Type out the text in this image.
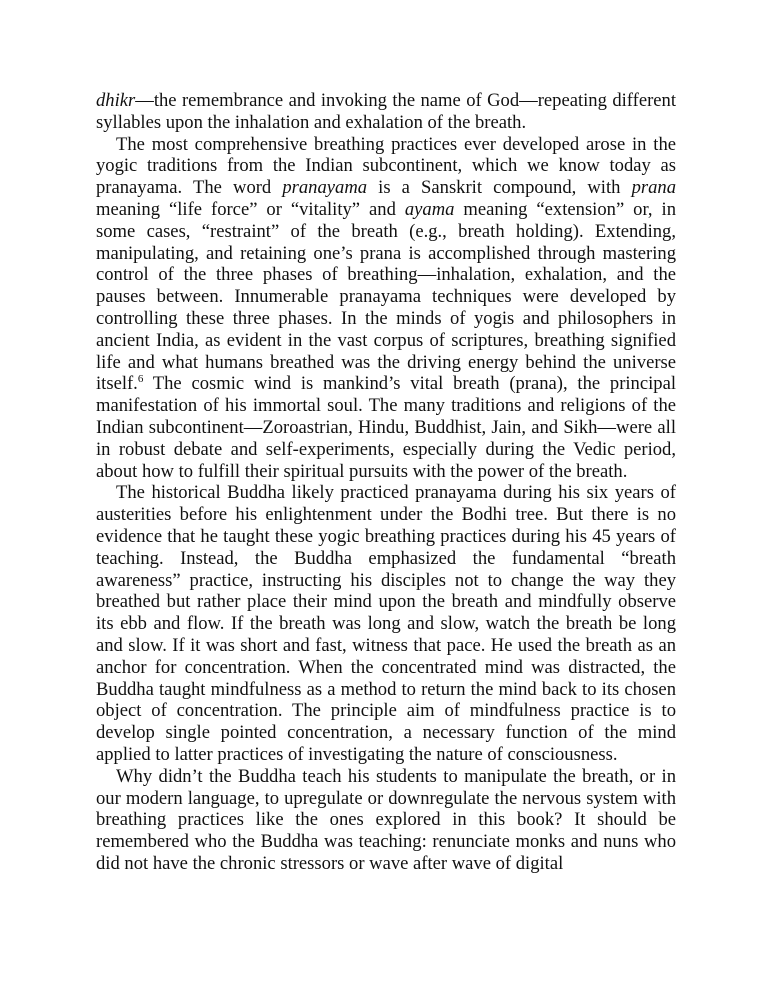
dhikr—the remembrance and invoking the name of God—repeating different syllables upon the inhalation and exhalation of the breath.

The most comprehensive breathing practices ever developed arose in the yogic traditions from the Indian subcontinent, which we know today as pranayama. The word pranayama is a Sanskrit compound, with prana meaning “life force” or “vitality” and ayama meaning “extension” or, in some cases, “restraint” of the breath (e.g., breath holding). Extending, manipulating, and retaining one’s prana is accomplished through mastering control of the three phases of breathing—inhalation, exhalation, and the pauses between. Innumerable pranayama techniques were developed by controlling these three phases. In the minds of yogis and philosophers in ancient India, as evident in the vast corpus of scriptures, breathing signified life and what humans breathed was the driving energy behind the universe itself.$^6$ The cosmic wind is mankind’s vital breath (prana), the principal manifestation of his immortal soul. The many traditions and religions of the Indian subcontinent—Zoroastrian, Hindu, Buddhist, Jain, and Sikh—were all in robust debate and self-experiments, especially during the Vedic period, about how to fulfill their spiritual pursuits with the power of the breath.

The historical Buddha likely practiced pranayama during his six years of austerities before his enlightenment under the Bodhi tree. But there is no evidence that he taught these yogic breathing practices during his 45 years of teaching. Instead, the Buddha emphasized the fundamental “breath awareness” practice, instructing his disciples not to change the way they breathed but rather place their mind upon the breath and mindfully observe its ebb and flow. If the breath was long and slow, watch the breath be long and slow. If it was short and fast, witness that pace. He used the breath as an anchor for concentration. When the concentrated mind was distracted, the Buddha taught mindfulness as a method to return the mind back to its chosen object of concentration. The principle aim of mindfulness practice is to develop single pointed concentration, a necessary function of the mind applied to latter practices of investigating the nature of consciousness.

Why didn’t the Buddha teach his students to manipulate the breath, or in our modern language, to upregulate or downregulate the nervous system with breathing practices like the ones explored in this book? It should be remembered who the Buddha was teaching: renunciate monks and nuns who did not have the chronic stressors or wave after wave of digital
